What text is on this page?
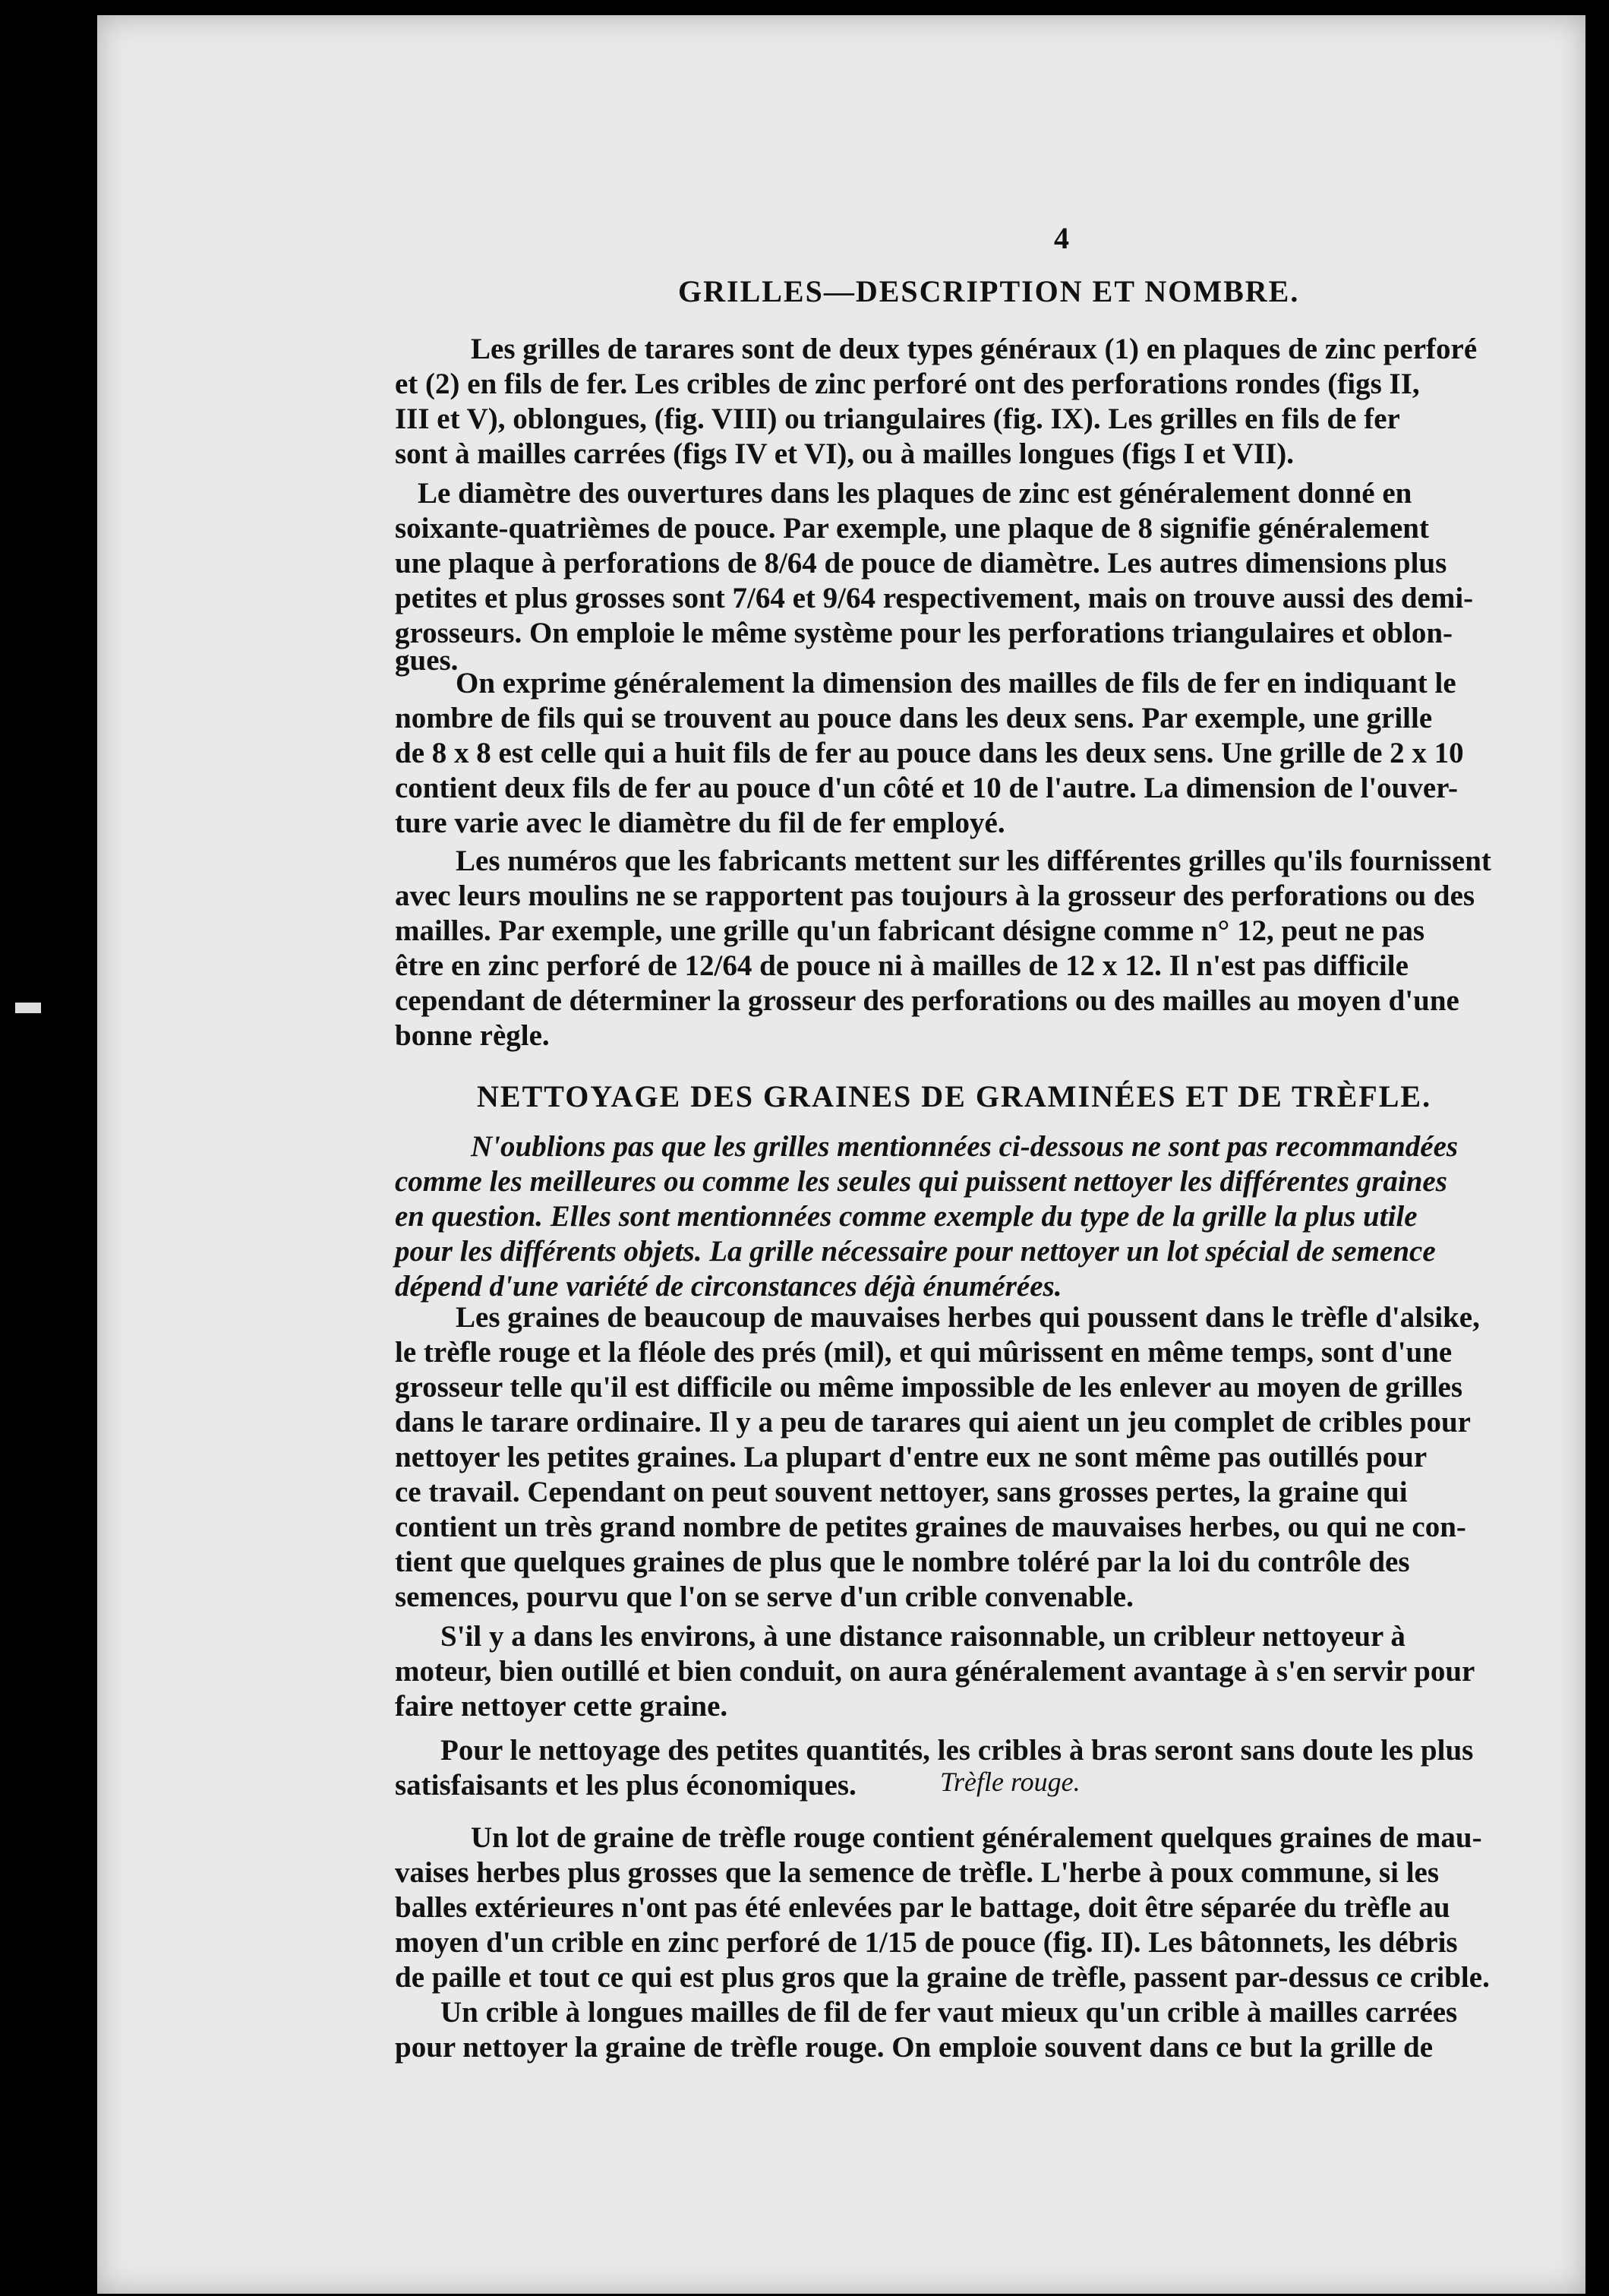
4
GRILLES—DESCRIPTION ET NOMBRE.
Les grilles de tarares sont de deux types généraux (1) en plaques de zinc perforé
et (2) en fils de fer. Les cribles de zinc perforé ont des perforations rondes (figs II,
III et V), oblongues, (fig. VIII) ou triangulaires (fig. IX). Les grilles en fils de fer
sont à mailles carrées (figs IV et VI), ou à mailles longues (figs I et VII).
Le diamètre des ouvertures dans les plaques de zinc est généralement donné en
soixante-quatrièmes de pouce. Par exemple, une plaque de 8 signifie généralement
une plaque à perforations de 8/64 de pouce de diamètre. Les autres dimensions plus
petites et plus grosses sont 7/64 et 9/64 respectivement, mais on trouve aussi des demi-
grosseurs. On emploie le même système pour les perforations triangulaires et oblon-
gues.
On exprime généralement la dimension des mailles de fils de fer en indiquant le
nombre de fils qui se trouvent au pouce dans les deux sens. Par exemple, une grille
de 8 x 8 est celle qui a huit fils de fer au pouce dans les deux sens. Une grille de 2 x 10
contient deux fils de fer au pouce d'un côté et 10 de l'autre. La dimension de l'ouver-
ture varie avec le diamètre du fil de fer employé.
Les numéros que les fabricants mettent sur les différentes grilles qu'ils fournissent
avec leurs moulins ne se rapportent pas toujours à la grosseur des perforations ou des
mailles. Par exemple, une grille qu'un fabricant désigne comme n° 12, peut ne pas
être en zinc perforé de 12/64 de pouce ni à mailles de 12 x 12. Il n'est pas difficile
cependant de déterminer la grosseur des perforations ou des mailles au moyen d'une
bonne règle.
NETTOYAGE DES GRAINES DE GRAMINÉES ET DE TRÈFLE.
N'oublions pas que les grilles mentionnées ci-dessous ne sont pas recommandées
comme les meilleures ou comme les seules qui puissent nettoyer les différentes graines
en question. Elles sont mentionnées comme exemple du type de la grille la plus utile
pour les différents objets. La grille nécessaire pour nettoyer un lot spécial de semence
dépend d'une variété de circonstances déjà énumérées.
Les graines de beaucoup de mauvaises herbes qui poussent dans le trèfle d'alsike,
le trèfle rouge et la fléole des prés (mil), et qui mûrissent en même temps, sont d'une
grosseur telle qu'il est difficile ou même impossible de les enlever au moyen de grilles
dans le tarare ordinaire. Il y a peu de tarares qui aient un jeu complet de cribles pour
nettoyer les petites graines. La plupart d'entre eux ne sont même pas outillés pour
ce travail. Cependant on peut souvent nettoyer, sans grosses pertes, la graine qui
contient un très grand nombre de petites graines de mauvaises herbes, ou qui ne con-
tient que quelques graines de plus que le nombre toléré par la loi du contrôle des
semences, pourvu que l'on se serve d'un crible convenable.
S'il y a dans les environs, à une distance raisonnable, un cribleur nettoyeur à
moteur, bien outillé et bien conduit, on aura généralement avantage à s'en servir pour
faire nettoyer cette graine.
Pour le nettoyage des petites quantités, les cribles à bras seront sans doute les plus
satisfaisants et les plus économiques.	Trèfle rouge.
Un lot de graine de trèfle rouge contient généralement quelques graines de mau-
vaises herbes plus grosses que la semence de trèfle. L'herbe à poux commune, si les
balles extérieures n'ont pas été enlevées par le battage, doit être séparée du trèfle au
moyen d'un crible en zinc perforé de 1/15 de pouce (fig. II). Les bâtonnets, les débris
de paille et tout ce qui est plus gros que la graine de trèfle, passent par-dessus ce crible.
Un crible à longues mailles de fil de fer vaut mieux qu'un crible à mailles carrées
pour nettoyer la graine de trèfle rouge. On emploie souvent dans ce but la grille de
